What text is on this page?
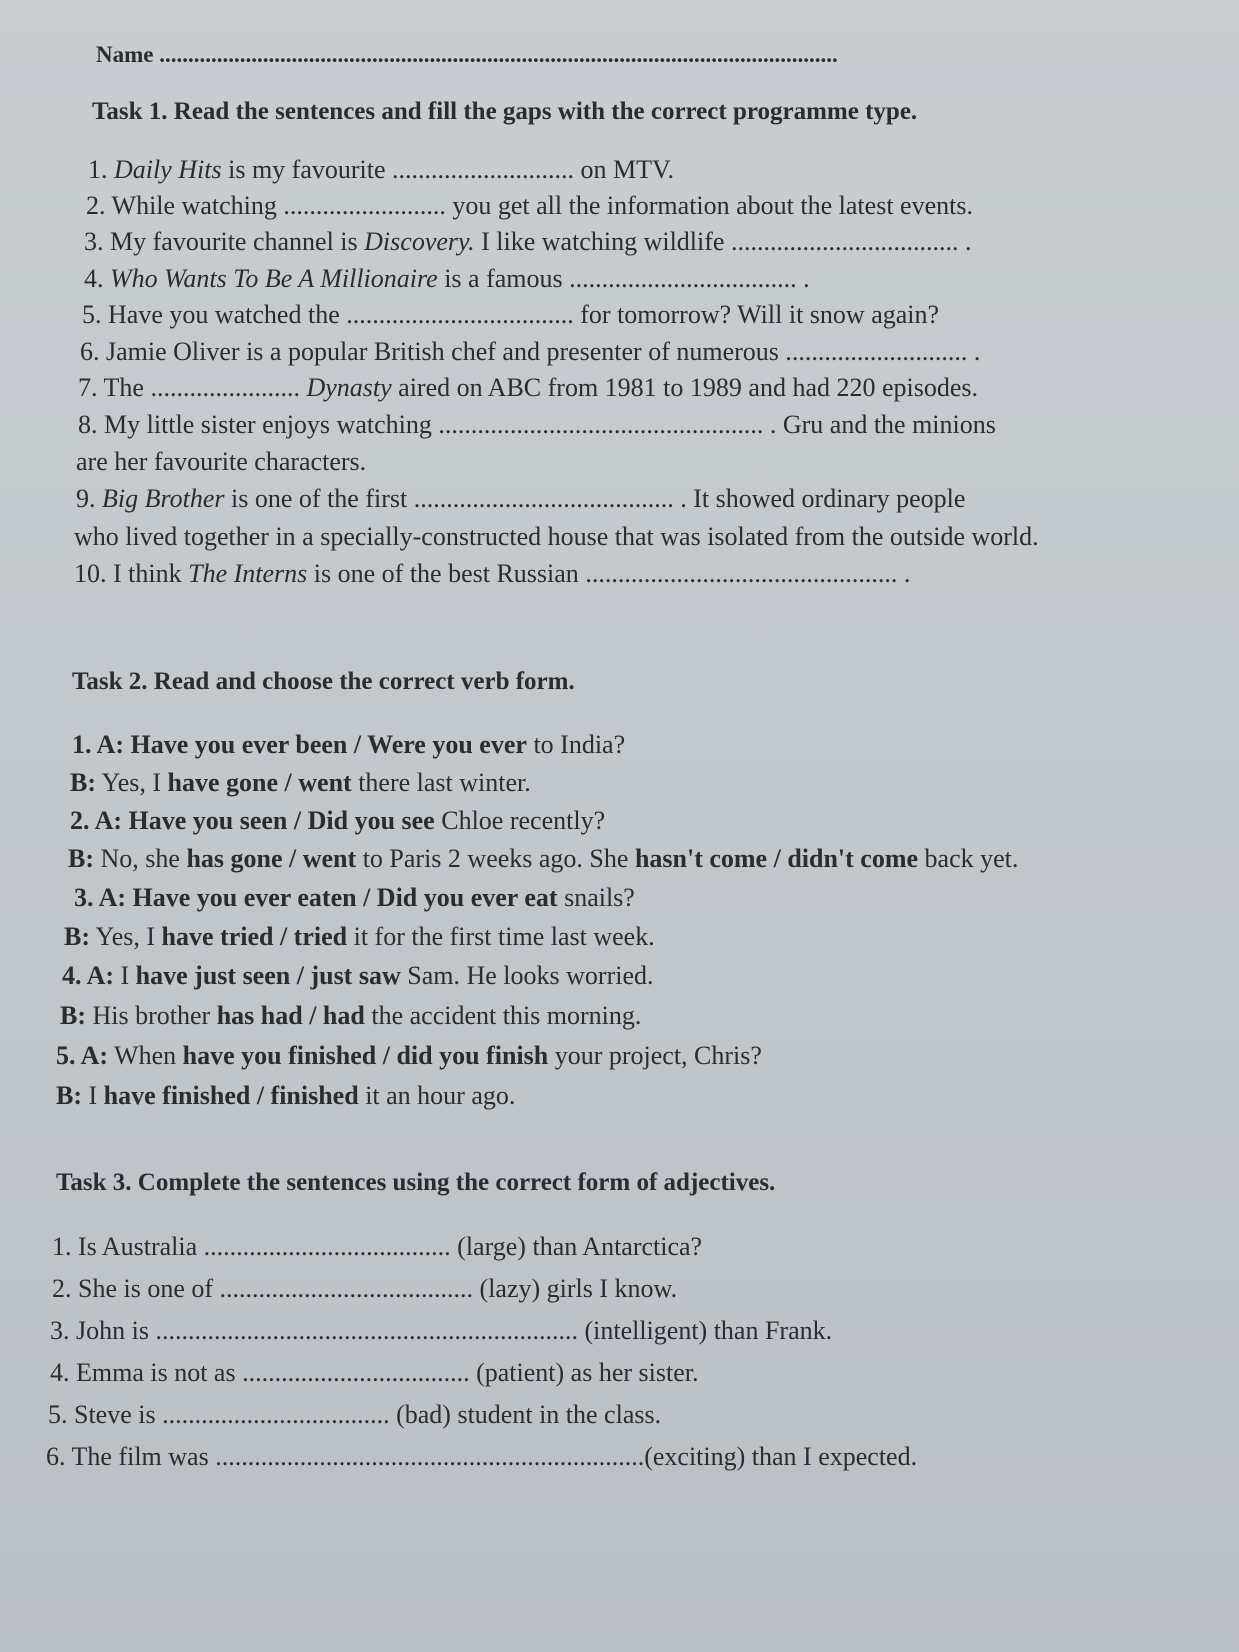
Name ......................................................................................................................
Task 1. Read the sentences and fill the gaps with the correct programme type.
1. Daily Hits is my favourite ............................ on MTV.
2. While watching ......................... you get all the information about the latest events.
3. My favourite channel is Discovery. I like watching wildlife ................................... .
4. Who Wants To Be A Millionaire is a famous ................................... .
5. Have you watched the ................................... for tomorrow? Will it snow again?
6. Jamie Oliver is a popular British chef and presenter of numerous ............................ .
7. The ....................... Dynasty aired on ABC from 1981 to 1989 and had 220 episodes.
8. My little sister enjoys watching .................................................. . Gru and the minions
are her favourite characters.
9. Big Brother is one of the first ........................................ . It showed ordinary people
who lived together in a specially-constructed house that was isolated from the outside world.
10. I think The Interns is one of the best Russian ................................................ .
Task 2. Read and choose the correct verb form.
1. A: Have you ever been / Were you ever to India?
B: Yes, I have gone / went there last winter.
2. A: Have you seen / Did you see Chloe recently?
B: No, she has gone / went to Paris 2 weeks ago. She hasn't come / didn't come back yet.
3. A: Have you ever eaten / Did you ever eat snails?
B: Yes, I have tried / tried it for the first time last week.
4. A: I have just seen / just saw Sam. He looks worried.
B: His brother has had / had the accident this morning.
5. A: When have you finished / did you finish your project, Chris?
B: I have finished / finished it an hour ago.
Task 3. Complete the sentences using the correct form of adjectives.
1. Is Australia ...................................... (large) than Antarctica?
2. She is one of ....................................... (lazy) girls I know.
3. John is ................................................................. (intelligent) than Frank.
4. Emma is not as ................................... (patient) as her sister.
5. Steve is ................................... (bad) student in the class.
6. The film was ..................................................................(exciting) than I expected.
